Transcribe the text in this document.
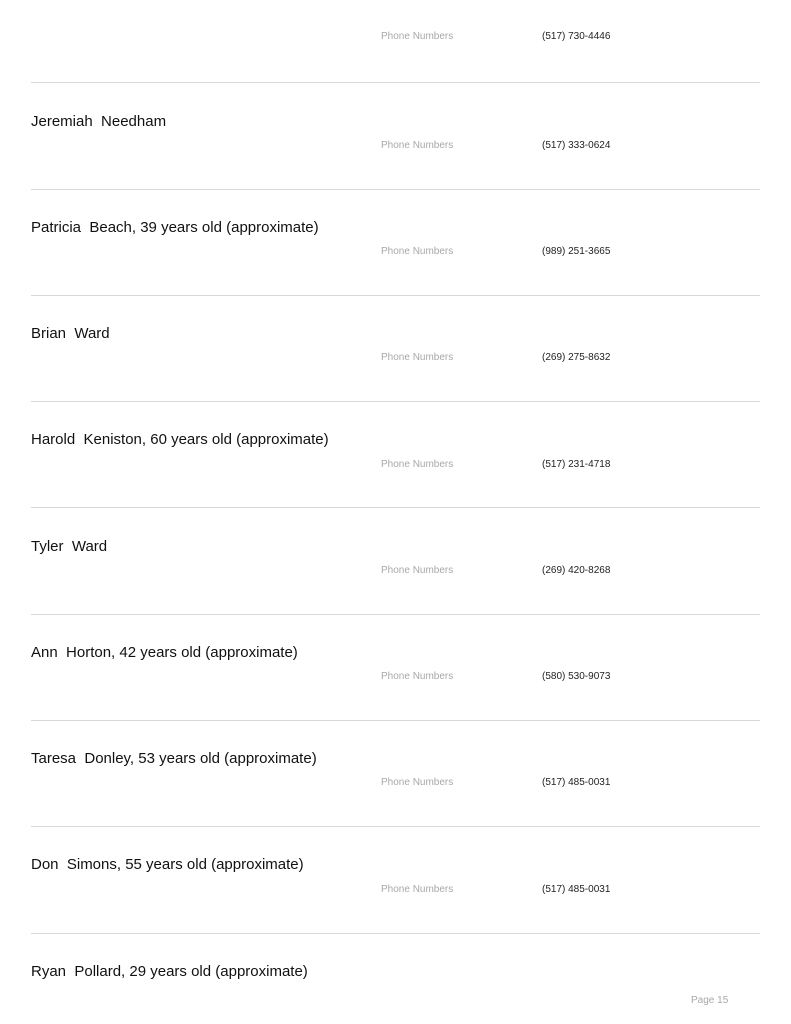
Phone Numbers	(517) 730-4446
Jeremiah  Needham
Phone Numbers	(517) 333-0624
Patricia  Beach, 39 years old (approximate)
Phone Numbers	(989) 251-3665
Brian  Ward
Phone Numbers	(269) 275-8632
Harold  Keniston, 60 years old (approximate)
Phone Numbers	(517) 231-4718
Tyler  Ward
Phone Numbers	(269) 420-8268
Ann  Horton, 42 years old (approximate)
Phone Numbers	(580) 530-9073
Taresa  Donley, 53 years old (approximate)
Phone Numbers	(517) 485-0031
Don  Simons, 55 years old (approximate)
Phone Numbers	(517) 485-0031
Ryan  Pollard, 29 years old (approximate)
Page 15
